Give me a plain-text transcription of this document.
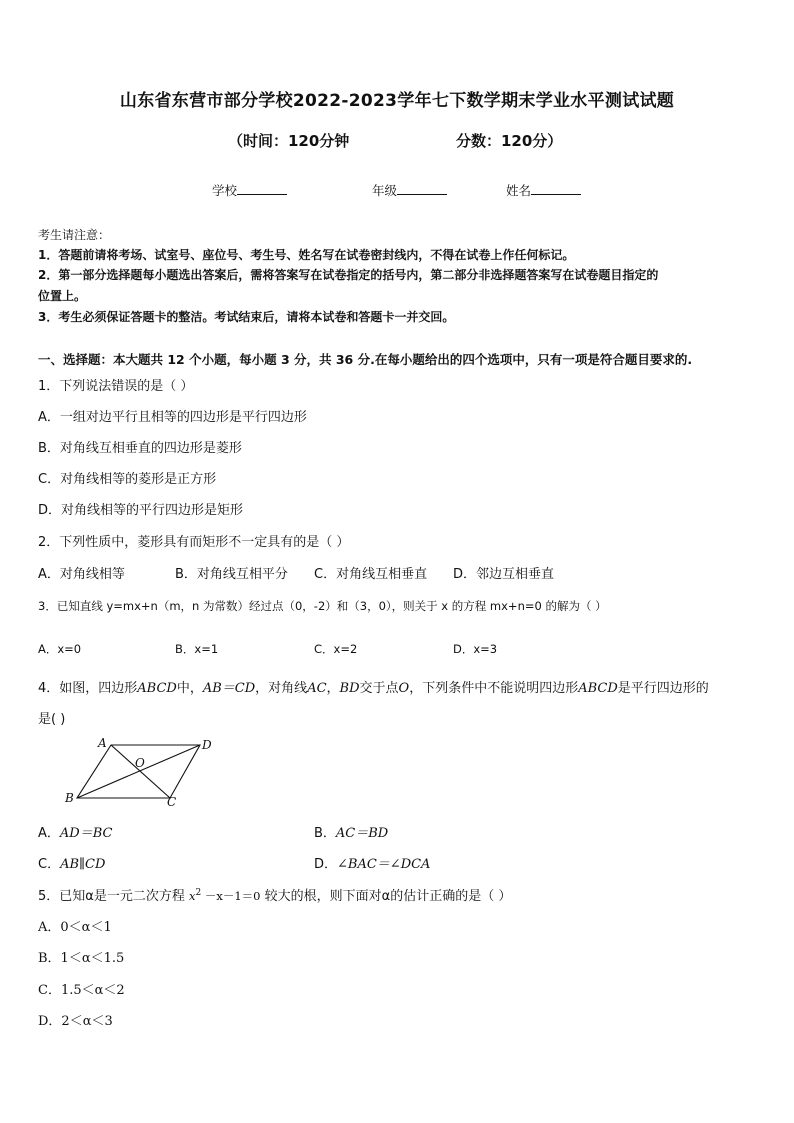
山东省东营市部分学校2022-2023学年七下数学期末学业水平测试试题
（时间：120分钟	分数：120分）
学校	年级	姓名
考生请注意：
1．答题前请将考场、试室号、座位号、考生号、姓名写在试卷密封线内，不得在试卷上作任何标记。
2．第一部分选择题每小题选出答案后，需将答案写在试卷指定的括号内，第二部分非选择题答案写在试卷题目指定的
位置上。
3．考生必须保证答题卡的整洁。考试结束后，请将本试卷和答题卡一并交回。
一、选择题：本大题共 12 个小题，每小题 3 分，共 36 分.在每小题给出的四个选项中，只有一项是符合题目要求的.
1．下列说法错误的是（ ）
A．一组对边平行且相等的四边形是平行四边形
B．对角线互相垂直的四边形是菱形
C．对角线相等的菱形是正方形
D．对角线相等的平行四边形是矩形
2．下列性质中，菱形具有而矩形不一定具有的是（ ）
A．对角线相等	B．对角线互相平分 C．对角线互相垂直 D．邻边互相垂直
3．已知直线 y=mx+n（m，n 为常数）经过点（0，-2）和（3，0），则关于 x 的方程 mx+n=0 的解为（ ）
A．x=0	B．x=1	C．x=2	D．x=3
4．如图，四边形ABCD中，AB＝CD，对角线AC，BD交于点O，下列条件中不能说明四边形ABCD是平行四边形的
是( )
A	D
B	C
O
A．AD＝BC	B．AC＝BD
C．AB∥CD	D．∠BAC＝∠DCA
5．已知α是一元二次方程 $x^2 -x-1=0$ 较大的根，则下面对α的估计正确的是（ ）
A．0＜α＜1
B．1＜α＜1.5
C．1.5＜α＜2
D．2＜α＜3
